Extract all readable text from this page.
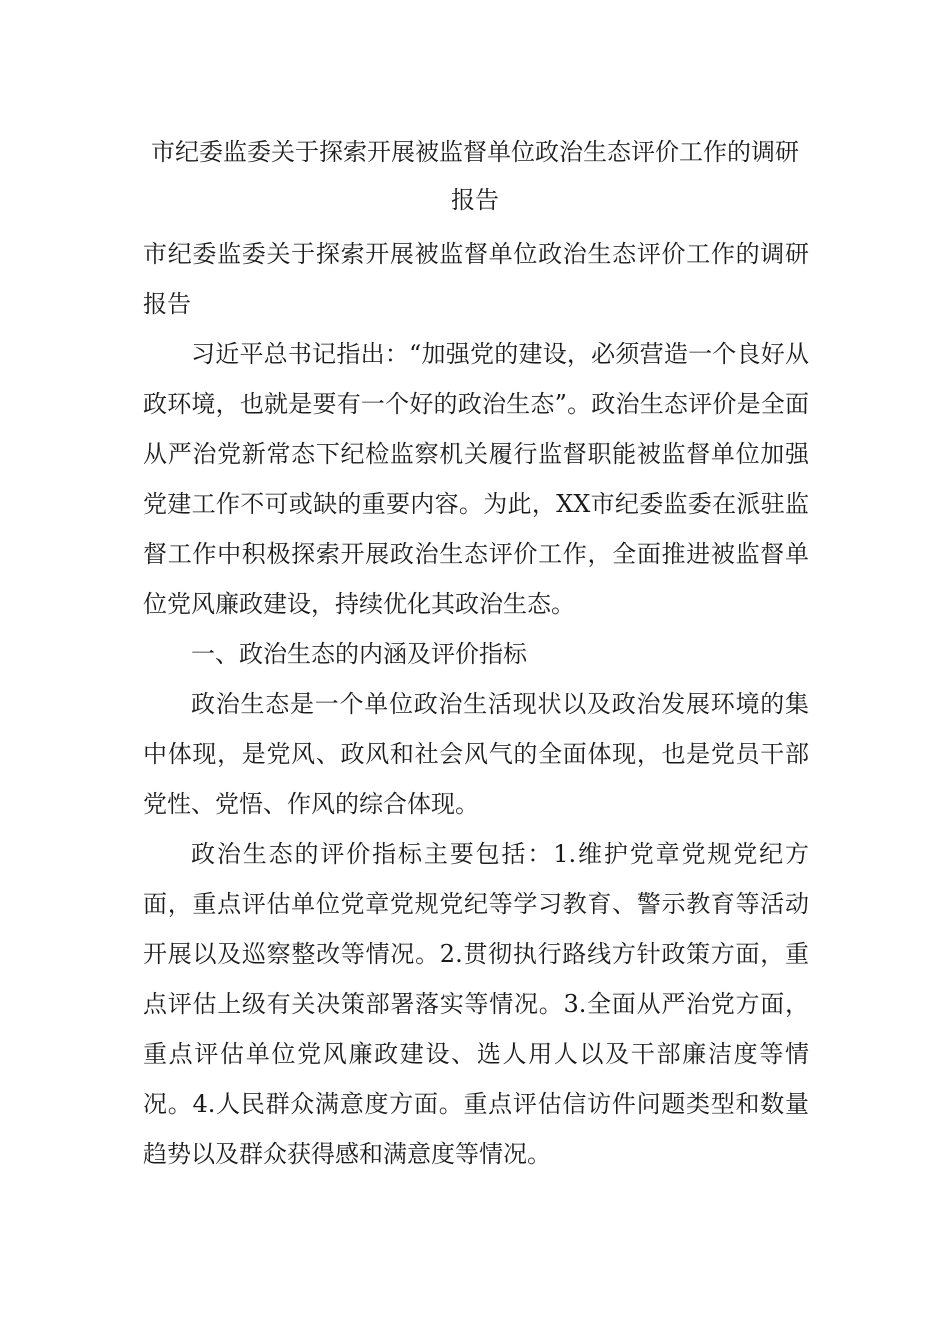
市纪委监委关于探索开展被监督单位政治生态评价工作的调研报告

市纪委监委关于探索开展被监督单位政治生态评价工作的调研报告

习近平总书记指出：“加强党的建设，必须营造一个良好从政环境，也就是要有一个好的政治生态”。政治生态评价是全面从严治党新常态下纪检监察机关履行监督职能被监督单位加强党建工作不可或缺的重要内容。为此，XX市纪委监委在派驻监督工作中积极探索开展政治生态评价工作，全面推进被监督单位党风廉政建设，持续优化其政治生态。

一、政治生态的内涵及评价指标

政治生态是一个单位政治生活现状以及政治发展环境的集中体现，是党风、政风和社会风气的全面体现，也是党员干部党性、党悟、作风的综合体现。

政治生态的评价指标主要包括：1.维护党章党规党纪方面，重点评估单位党章党规党纪等学习教育、警示教育等活动开展以及巡察整改等情况。2.贯彻执行路线方针政策方面，重点评估上级有关决策部署落实等情况。3.全面从严治党方面，重点评估单位党风廉政建设、选人用人以及干部廉洁度等情况。4.人民群众满意度方面。重点评估信访件问题类型和数量趋势以及群众获得感和满意度等情况。
